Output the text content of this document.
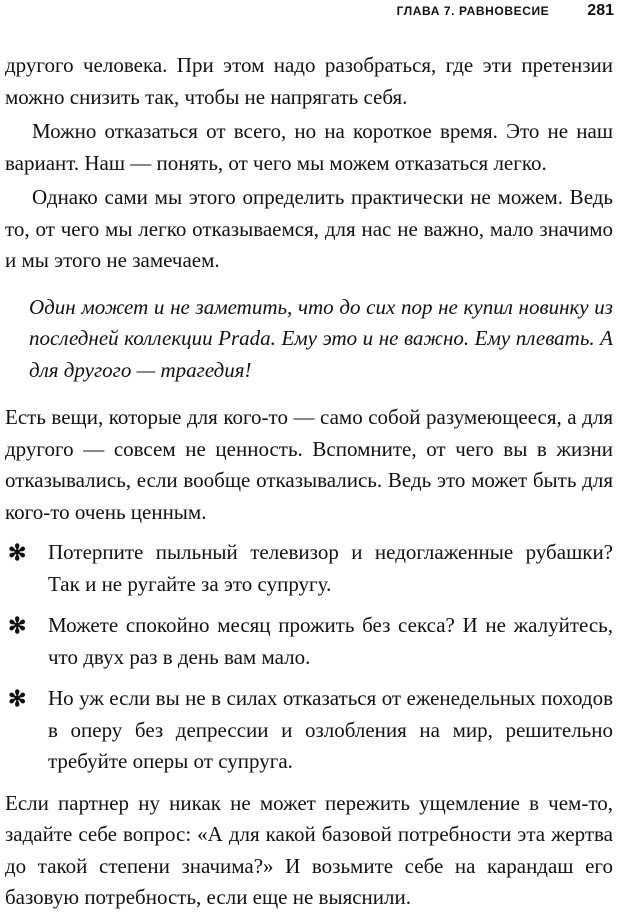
ГЛАВА 7. РАВНОВЕСИЕ 281

другого человека. При этом надо разобраться, где эти претензии можно снизить так, чтобы не напрягать себя.

Можно отказаться от всего, но на короткое время. Это не наш вариант. Наш — понять, от чего мы можем отказаться легко.

Однако сами мы этого определить практически не можем. Ведь то, от чего мы легко отказываемся, для нас не важно, мало значимо и мы этого не замечаем.

Один может и не заметить, что до сих пор не купил новинку из последней коллекции Prada. Ему это и не важно. Ему плевать. А для другого — трагедия!

Есть вещи, которые для кого-то — само собой разумеющееся, а для другого — совсем не ценность. Вспомните, от чего вы в жизни отказывались, если вообще отказывались. Ведь это может быть для кого-то очень ценным.

✻	Потерпите пыльный телевизор и недоглаженные рубашки? Так и не ругайте за это супругу.
✻	Можете спокойно месяц прожить без секса? И не жалуйтесь, что двух раз в день вам мало.
✻	Но уж если вы не в силах отказаться от еженедельных походов в оперу без депрессии и озлобления на мир, решительно требуйте оперы от супруга.

Если партнер ну никак не может пережить ущемление в чем-то, задайте себе вопрос: «А для какой базовой потребности эта жертва до такой степени значима?» И возьмите себе на карандаш его базовую потребность, если еще не выяснили.
